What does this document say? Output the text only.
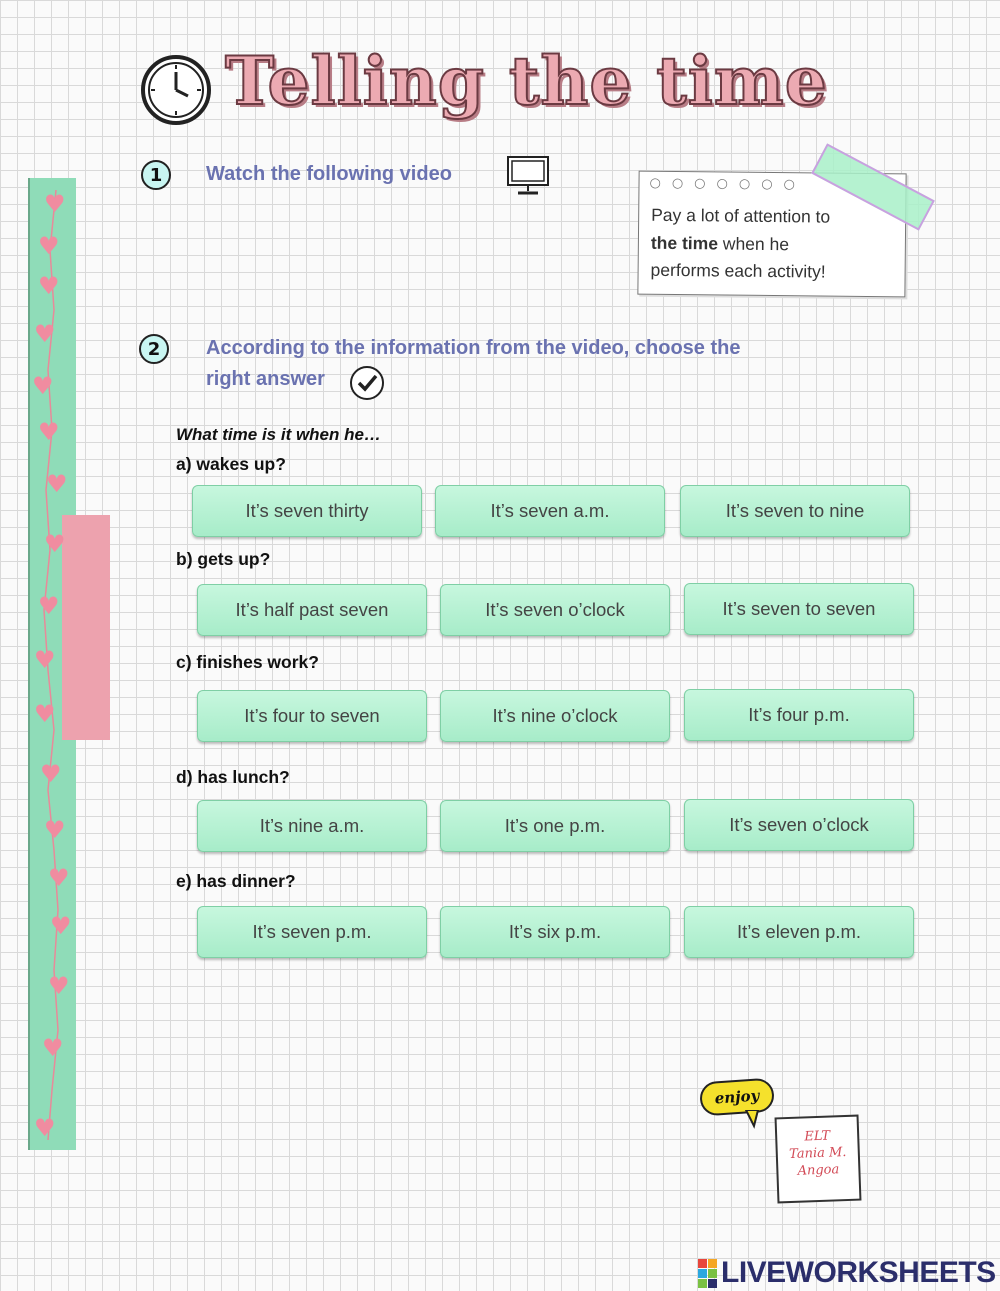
Telling the time
♥
♥
♥
♥
♥
♥
♥
♥
♥
♥
♥
♥
♥
♥
♥
♥
♥
♥
1	Watch the following video	○○○○○○○
Pay a lot of attention to
the time when he
performs each activity!
2	According to the information from the video, choose the
right answer
What time is it when he…
a) wakes up?
It’s seven thirty	It’s seven a.m.	It’s seven to nine
b) gets up?
It’s half past seven	It’s seven o’clock	It’s seven to seven
c) finishes work?
It’s four to seven	It’s nine o’clock	It’s four p.m.
d) has lunch?
It’s nine a.m.	It’s one p.m.	It’s seven o’clock
e) has dinner?
It’s seven p.m.	It’s six p.m.	It’s eleven p.m.
enjoy
ELT
Tania M.
Angoa
LIVEWORKSHEETS
